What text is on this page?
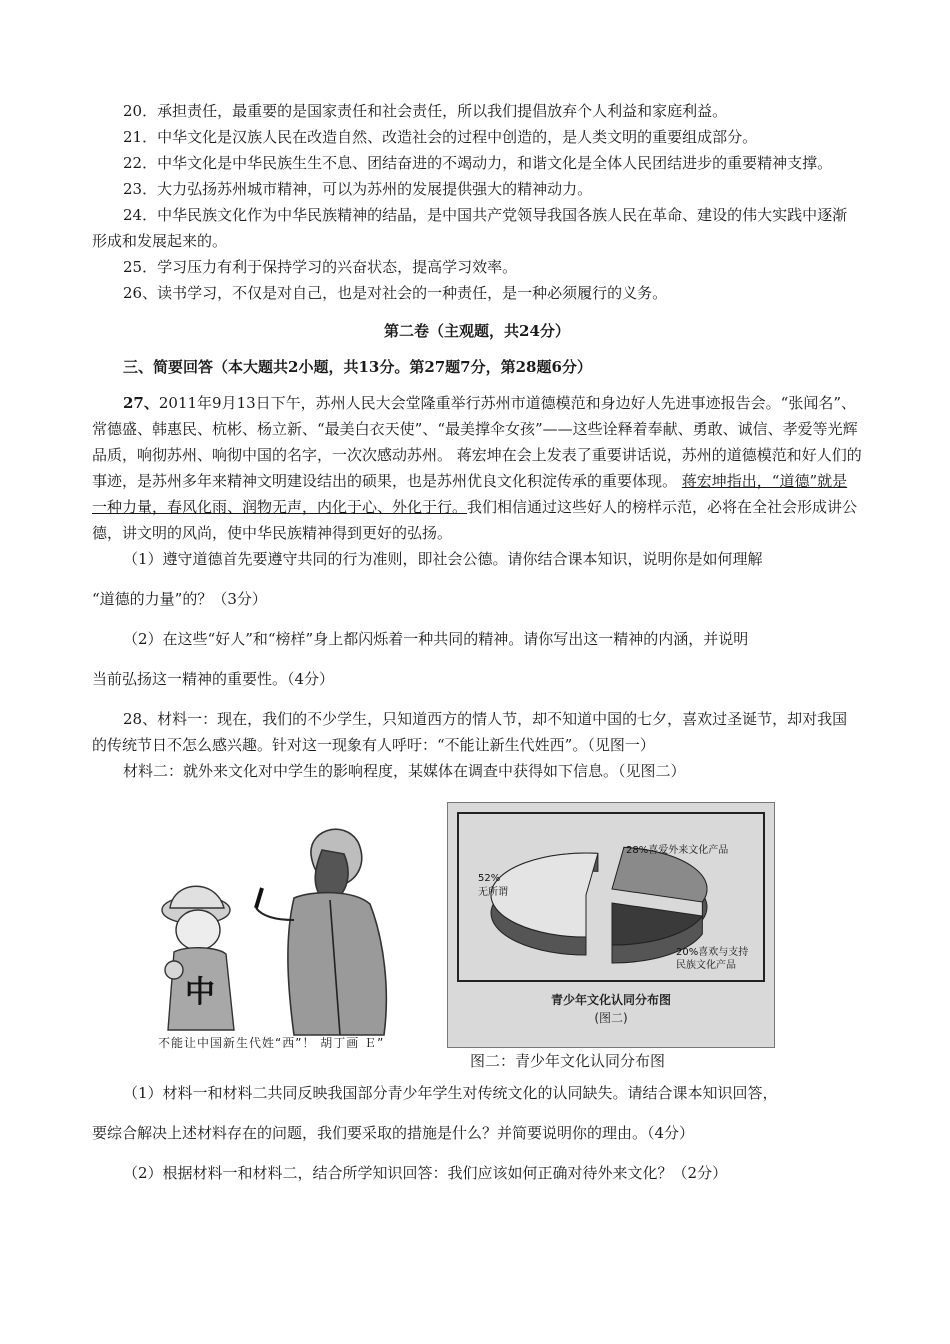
20．承担责任，最重要的是国家责任和社会责任，所以我们提倡放弃个人利益和家庭利益。

21．中华文化是汉族人民在改造自然、改造社会的过程中创造的，是人类文明的重要组成部分。

22．中华文化是中华民族生生不息、团结奋进的不竭动力，和谐文化是全体人民团结进步的重要精神支撑。

23．大力弘扬苏州城市精神，可以为苏州的发展提供强大的精神动力。

24．中华民族文化作为中华民族精神的结晶，是中国共产党领导我国各族人民在革命、建设的伟大实践中逐渐形成和发展起来的。

25．学习压力有利于保持学习的兴奋状态，提高学习效率。

26、读书学习，不仅是对自己，也是对社会的一种责任，是一种必须履行的义务。

第二卷（主观题，共24分）

三、简要回答（本大题共2小题，共13分。第27题7分，第28题6分）

27、2011年9月13日下午，苏州人民大会堂隆重举行苏州市道德模范和身边好人先进事迹报告会。“张闻名”、常德盛、韩惠民、杭彬、杨立新、“最美白衣天使”、“最美撑伞女孩”——这些诠释着奉献、勇敢、诚信、孝爱等光辉品质，响彻苏州、响彻中国的名字，一次次感动苏州。 蒋宏坤在会上发表了重要讲话说，苏州的道德模范和好人们的事迹，是苏州多年来精神文明建设结出的硕果，也是苏州优良文化积淀传承的重要体现。 蒋宏坤指出，“道德”就是一种力量，春风化雨、润物无声，内化于心、外化于行。我们相信通过这些好人的榜样示范，必将在全社会形成讲公德，讲文明的风尚，使中华民族精神得到更好的弘扬。

（1）遵守道德首先要遵守共同的行为准则，即社会公德。请你结合课本知识，说明你是如何理解

“道德的力量”的？（3分）

（2）在这些“好人”和“榜样”身上都闪烁着一种共同的精神。请你写出这一精神的内涵，并说明

当前弘扬这一精神的重要性。（4分）

28、材料一：现在，我们的不少学生，只知道西方的情人节，却不知道中国的七夕，喜欢过圣诞节，却对我国的传统节日不怎么感兴趣。针对这一现象有人呼吁：“不能让新生代姓西”。（见图一）

材料二：就外来文化对中学生的影响程度，某媒体在调查中获得如下信息。（见图二）

中
不能让中国新生代姓“西”！ 胡丁画 Ｅ”
52%
无所谓
28%喜爱外来文化产品
20%喜欢与支持
民族文化产品
青少年文化认同分布图
(图二)
图二：青少年文化认同分布图

（1）材料一和材料二共同反映我国部分青少年学生对传统文化的认同缺失。请结合课本知识回答，

要综合解决上述材料存在的问题，我们要采取的措施是什么？并简要说明你的理由。（4分）

（2）根据材料一和材料二，结合所学知识回答：我们应该如何正确对待外来文化？（2分）
